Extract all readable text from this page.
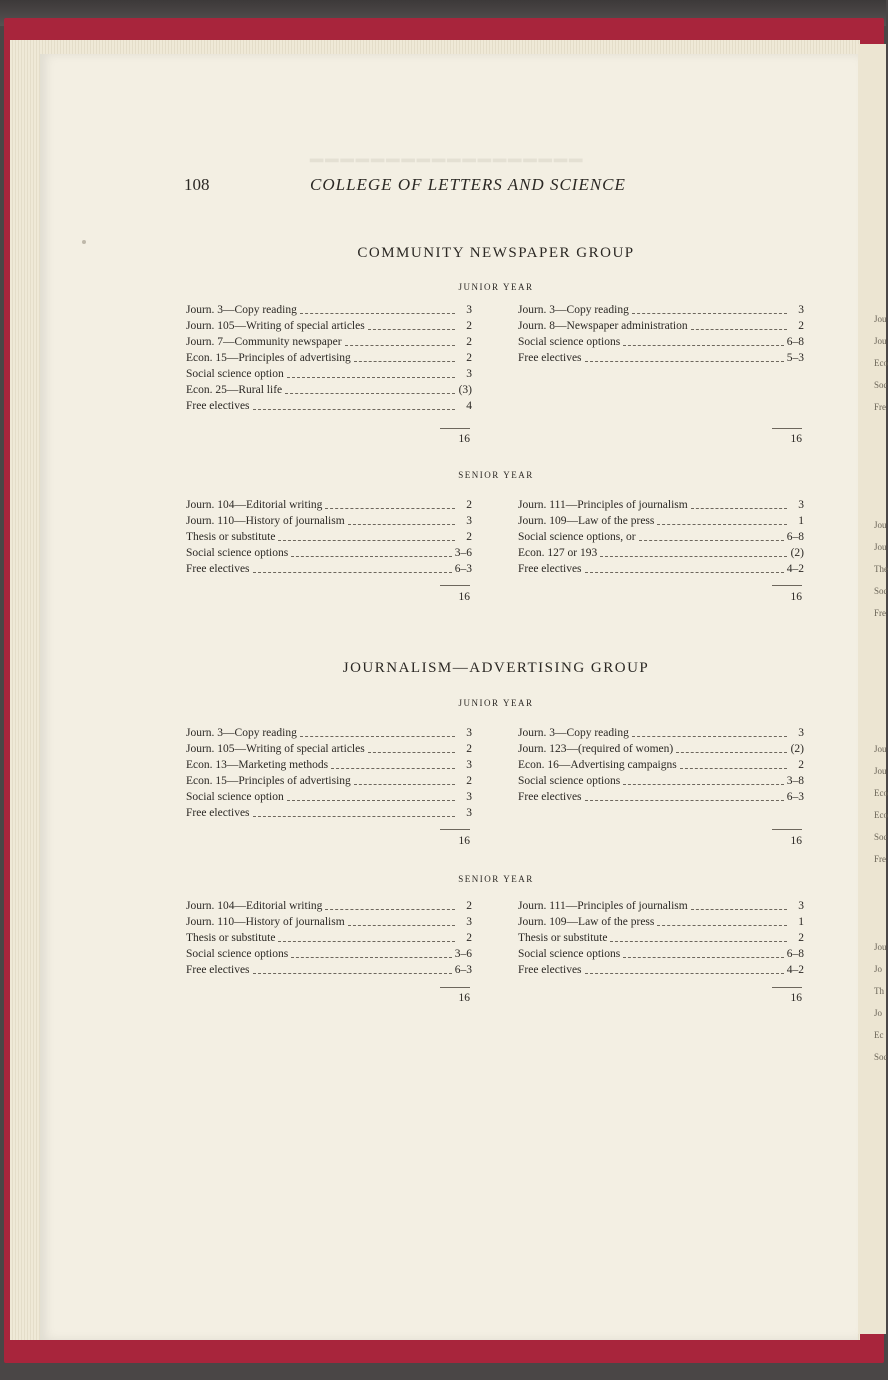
Jou
Jou
Eco
Soc
Fre
Jou
Jou
The
Soc
Fre
Jou
Jou
Eco
Eco
Soc
Fre
Jou
Jo
Th
Jo
Ec
Soc
━━━━━━━━━━━━━━━━━━
108	COLLEGE OF LETTERS AND SCIENCE
COMMUNITY NEWSPAPER GROUP
JUNIOR YEAR
Journ. 3—Copy reading	3
Journ. 105—Writing of special articles	2
Journ. 7—Community newspaper	2
Econ. 15—Principles of advertising	2
Social science option	3
Econ. 25—Rural life	(3)
Free electives	4
16
Journ. 3—Copy reading	3
Journ. 8—Newspaper administration	2
Social science options	6–8
Free electives	5–3
16
SENIOR YEAR
Journ. 104—Editorial writing	2
Journ. 110—History of journalism	3
Thesis or substitute	2
Social science options	3–6
Free electives	6–3
16
Journ. 111—Principles of journalism	3
Journ. 109—Law of the press	1
Social science options, or	6–8
Econ. 127 or 193	(2)
Free electives	4–2
16
JOURNALISM—ADVERTISING GROUP
JUNIOR YEAR
Journ. 3—Copy reading	3
Journ. 105—Writing of special articles	2
Econ. 13—Marketing methods	3
Econ. 15—Principles of advertising	2
Social science option	3
Free electives	3
16
Journ. 3—Copy reading	3
Journ. 123—(required of women)	(2)
Econ. 16—Advertising campaigns	2
Social science options	3–8
Free electives	6–3
16
SENIOR YEAR
Journ. 104—Editorial writing	2
Journ. 110—History of journalism	3
Thesis or substitute	2
Social science options	3–6
Free electives	6–3
16
Journ. 111—Principles of journalism	3
Journ. 109—Law of the press	1
Thesis or substitute	2
Social science options	6–8
Free electives	4–2
16
